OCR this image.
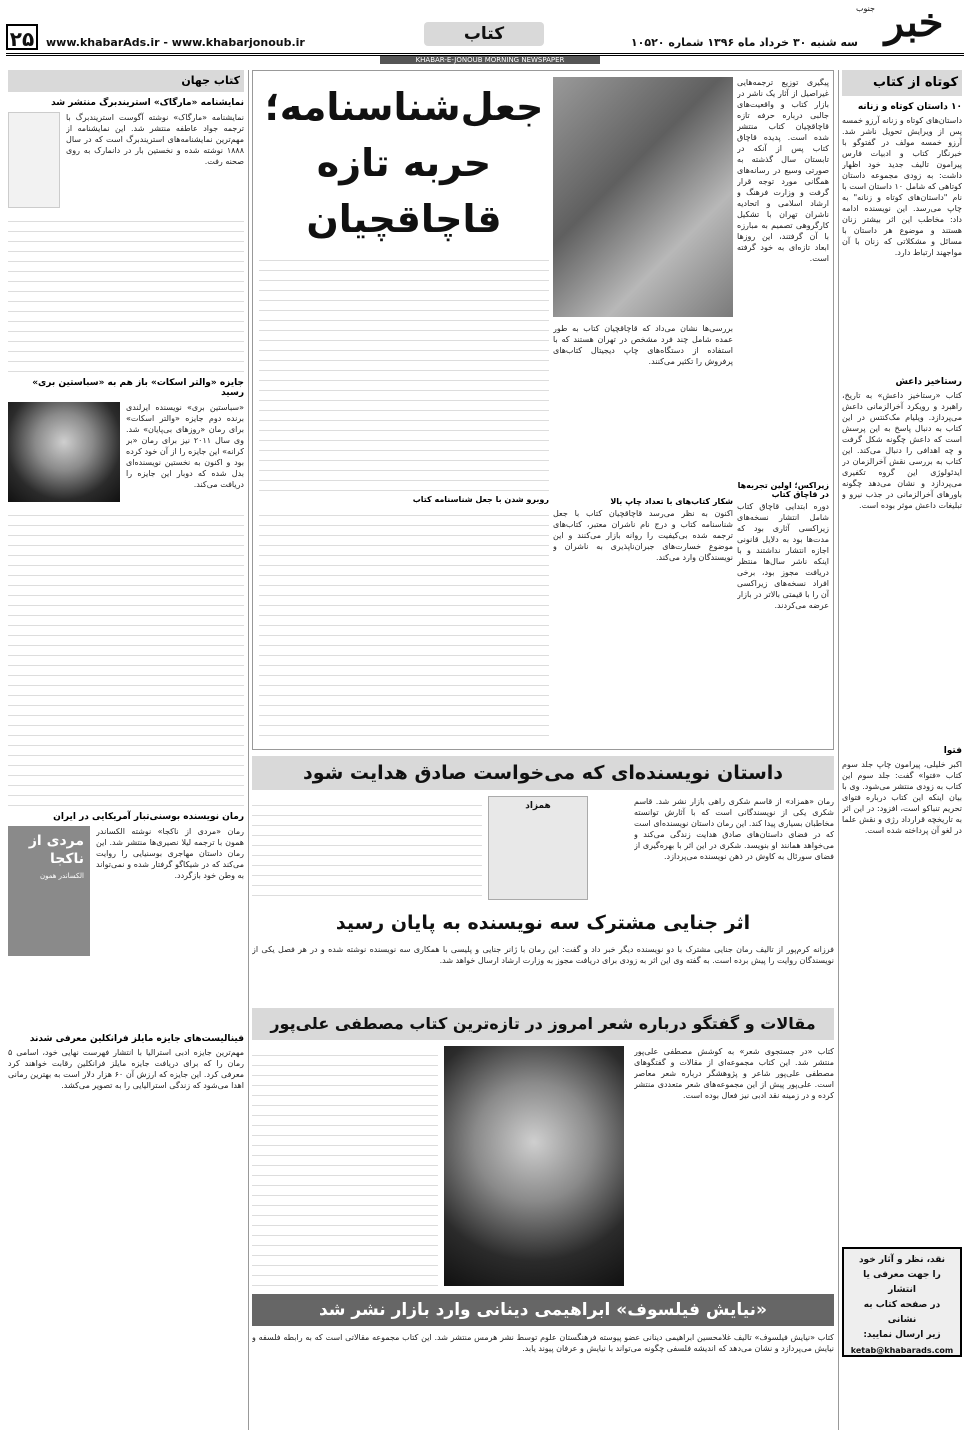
خبر
جنوب
سه شنبه ۳۰ خرداد ماه ۱۳۹۶ شماره ۱۰۵۲۰
کتاب
www.khabarAds.ir - www.khabarjonoub.ir
۲۵
KHABAR-E-JONOUB MORNING NEWSPAPER
کوتاه از کتاب
۱۰ داستان کوتاه و زنانه
داستان‌های کوتاه و زنانه آرزو خمسه پس از ویرایش تحویل ناشر شد. آرزو خمسه مولف در گفتوگو با خبرنگار کتاب و ادبیات فارس پیرامون تالیف جدید خود اظهار داشت: به زودی مجموعه داستان کوتاهی که شامل ۱۰ داستان است با نام "داستان‌های کوتاه و زنانه" به چاپ می‌رسد. این نویسنده ادامه داد: مخاطب این اثر بیشتر زنان هستند و موضوع هر داستان با مسائل و مشکلاتی که زنان با آن مواجهند ارتباط دارد.
رستاخیز داعش
کتاب «رستاخیز داعش» به تاریخ، راهبرد و رویکرد آخرالزمانی داعش می‌پردازد. ویلیام مک‌کنتس در این کتاب به دنبال پاسخ به این پرسش است که داعش چگونه شکل گرفت و چه اهدافی را دنبال می‌کند. این کتاب به بررسی نقش آخرالزمان در ایدئولوژی این گروه تکفیری می‌پردازد و نشان می‌دهد چگونه باورهای آخرالزمانی در جذب نیرو و تبلیغات داعش موثر بوده است.
فتوا
اکبر خلیلی، پیرامون چاپ جلد سوم کتاب «فتوا» گفت: جلد سوم این کتاب به زودی منتشر می‌شود. وی با بیان اینکه این کتاب درباره فتوای تحریم تنباکو است، افزود: در این اثر به تاریخچه قرارداد رژی و نقش علما در لغو آن پرداخته شده است.
نقد، نظر و آثار خود
را جهت معرفی یا انتشار
در صفحه کتاب به نشانی
زیر ارسال نمایید:
ketab@khabarads.com
کتاب جهان
نمایشنامه «مارگاک» استریندبرگ منتشر شد
نمایشنامه «مارگاک» نوشته آگوست استریندبرگ با ترجمه جواد عاطفه منتشر شد. این نمایشنامه از مهم‌ترین نمایشنامه‌های استریندبرگ است که در سال ۱۸۸۸ نوشته شده و نخستین بار در دانمارک به روی صحنه رفت.
جایزه «والتر اسکات» باز هم به «سباستین بری» رسید
«سباستین بری» نویسنده ایرلندی برنده دوم جایزه «والتر اسکات» برای رمان «روزهای بی‌پایان» شد. وی سال ۲۰۱۱ نیز برای رمان «بر کرانه» این جایزه را از آن خود کرده بود و اکنون به نخستین نویسنده‌ای بدل شده که دوبار این جایزه را دریافت می‌کند.
رمان نویسنده بوسنی‌تبار آمریکایی در ایران
رمان «مردی از ناکجا» نوشته الکساندر همون با ترجمه لیلا نصیری‌ها منتشر شد. این رمان داستان مهاجری بوسنیایی را روایت می‌کند که در شیکاگو گرفتار شده و نمی‌تواند به وطن خود بازگردد.
مردی از ناکجا
الکساندر همون
فینالیست‌های جایزه مایلز فرانکلین معرفی شدند
مهم‌ترین جایزه ادبی استرالیا با انتشار فهرست نهایی خود، اسامی ۵ رمان را که برای دریافت جایزه مایلز فرانکلین رقابت خواهند کرد معرفی کرد. این جایزه که ارزش آن ۶۰ هزار دلار است به بهترین رمانی اهدا می‌شود که زندگی استرالیایی را به تصویر می‌کشد.
جعل‌شناسنامه؛
حربه تازه
قاچاقچیان
پیگیری توزیع ترجمه‌هایی غیراصیل از آثار یک ناشر در بازار کتاب و واقعیت‌های جالبی درباره حرفه تازه قاچاقچیان کتاب منتشر شده است. پدیده قاچاق کتاب پس از آنکه در تابستان سال گذشته به صورتی وسیع در رسانه‌های همگانی مورد توجه قرار گرفت و وزارت فرهنگ و ارشاد اسلامی و اتحادیه ناشران تهران با تشکیل کارگروهی تصمیم به مبارزه با آن گرفتند، این روزها ابعاد تازه‌ای به خود گرفته است.
زیراکس؛ اولین تجربه‌ها در قاچاق کتاب
دوره ابتدایی قاچاق کتاب شامل انتشار نسخه‌های زیراکسی آثاری بود که مدت‌ها بود به دلایل قانونی اجازه انتشار نداشتند و با اینکه ناشر سال‌ها منتظر دریافت مجوز بود، برخی افراد نسخه‌های زیراکسی آن را با قیمتی بالاتر در بازار عرضه می‌کردند.
بررسی‌ها نشان می‌داد که قاچاقچیان کتاب به طور عمده شامل چند فرد مشخص در تهران هستند که با استفاده از دستگاه‌های چاپ دیجیتال کتاب‌های پرفروش را تکثیر می‌کنند.
شکار کتاب‌های با تعداد چاپ بالا
اکنون به نظر می‌رسد قاچاقچیان کتاب با جعل شناسنامه کتاب و درج نام ناشران معتبر، کتاب‌های ترجمه شده بی‌کیفیت را روانه بازار می‌کنند و این موضوع خسارت‌های جبران‌ناپذیری به ناشران و نویسندگان وارد می‌کند.
روبرو شدن با جعل شناسنامه کتاب
داستان نویسنده‌ای که می‌خواست صادق هدایت شود
رمان «همزاد» از قاسم شکری راهی بازار نشر شد. قاسم شکری یکی از نویسندگانی است که با آثارش توانسته مخاطبان بسیاری پیدا کند. این رمان داستان نویسنده‌ای است که در فضای داستان‌های صادق هدایت زندگی می‌کند و می‌خواهد همانند او بنویسد. شکری در این اثر با بهره‌گیری از فضای سورئال به کاوش در ذهن نویسنده می‌پردازد.
همزاد
اثر جنایی مشترک سه نویسنده به پایان رسید
فرزانه کرم‌پور از تالیف رمان جنایی مشترک با دو نویسنده دیگر خبر داد و گفت: این رمان با ژانر جنایی و پلیسی با همکاری سه نویسنده نوشته شده و در هر فصل یکی از نویسندگان روایت را پیش برده است. به گفته وی این اثر به زودی برای دریافت مجوز به وزارت ارشاد ارسال خواهد شد.
مقالات و گفتگو درباره شعر امروز در تازه‌ترین کتاب مصطفی علی‌پور
کتاب «در جستجوی شعر» به کوشش مصطفی علی‌پور منتشر شد. این کتاب مجموعه‌ای از مقالات و گفتگوهای مصطفی علی‌پور شاعر و پژوهشگر درباره شعر معاصر است. علی‌پور پیش از این مجموعه‌های شعر متعددی منتشر کرده و در زمینه نقد ادبی نیز فعال بوده است.
«نیایش فیلسوف» ابراهیمی دینانی وارد بازار نشر شد
کتاب «نیایش فیلسوف» تالیف غلامحسین ابراهیمی دینانی عضو پیوسته فرهنگستان علوم توسط نشر هرمس منتشر شد. این کتاب مجموعه مقالاتی است که به رابطه فلسفه و نیایش می‌پردازد و نشان می‌دهد که اندیشه فلسفی چگونه می‌تواند با نیایش و عرفان پیوند یابد.
